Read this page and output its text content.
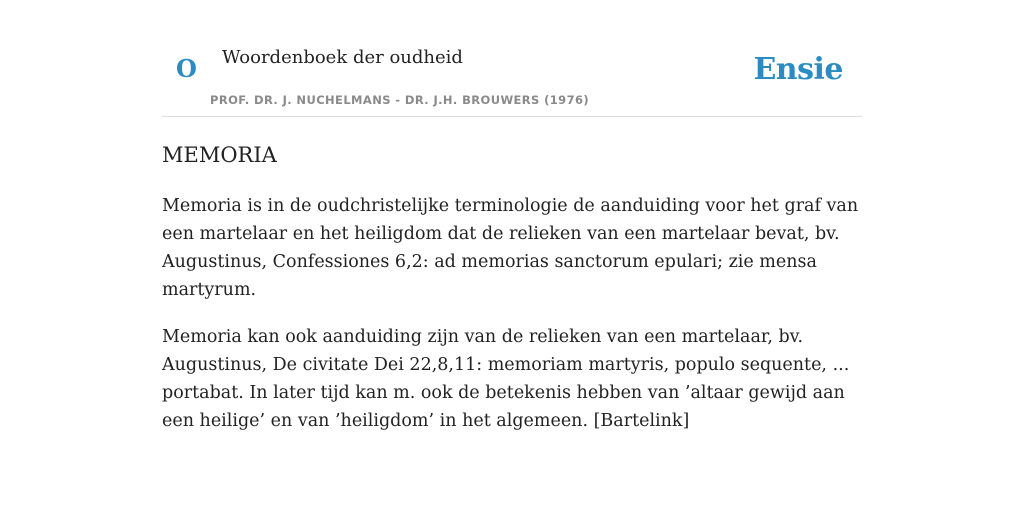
O Woordenboek der oudheid
PROF. DR. J. NUCHELMANS - DR. J.H. BROUWERS (1976)
Ensie
MEMORIA

Memoria is in de oudchristelijke terminologie de aanduiding voor het graf van een martelaar en het heiligdom dat de relieken van een martelaar bevat, bv. Augustinus, Confessiones 6,2: ad memorias sanctorum epulari; zie mensa martyrum.

Memoria kan ook aanduiding zijn van de relieken van een martelaar, bv. Augustinus, De civitate Dei 22,8,11: memoriam martyris, populo sequente, ... portabat. In later tijd kan m. ook de betekenis hebben van ’altaar gewijd aan een heilige’ en van ’heiligdom’ in het algemeen. [Bartelink]
